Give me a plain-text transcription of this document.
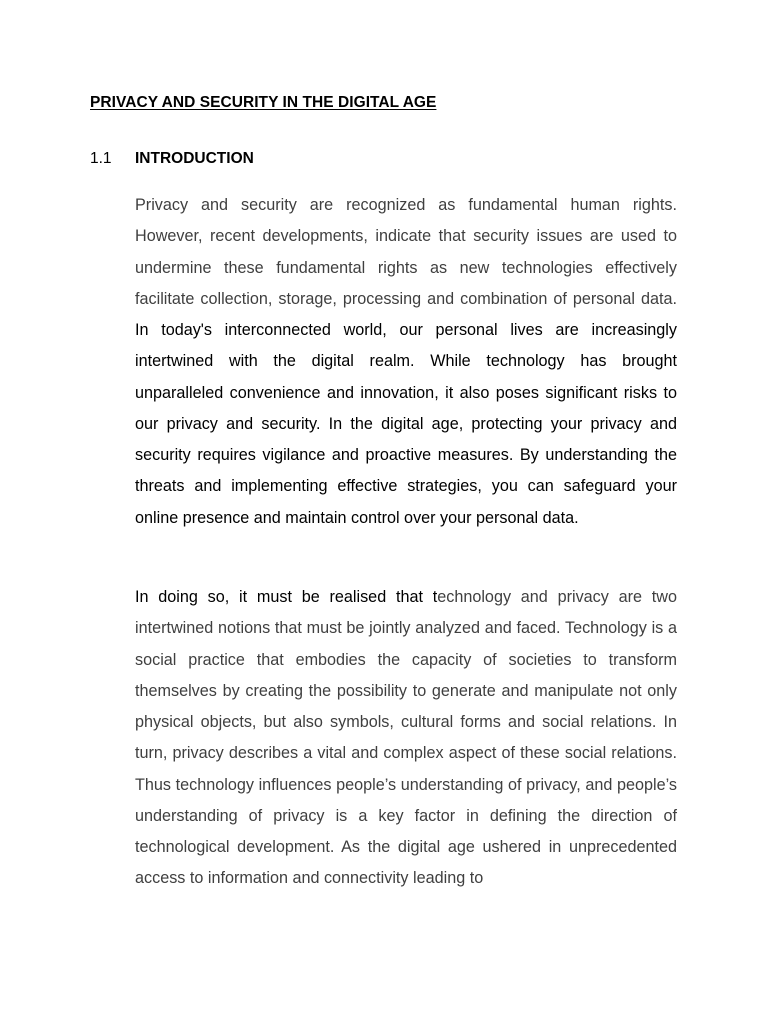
PRIVACY AND SECURITY IN THE DIGITAL AGE
1.1 INTRODUCTION

Privacy and security are recognized as fundamental human rights. However, recent developments, indicate that security issues are used to undermine these fundamental rights as new technologies effectively facilitate collection, storage, processing and combination of personal data. In today's interconnected world, our personal lives are increasingly intertwined with the digital realm. While technology has brought unparalleled convenience and innovation, it also poses significant risks to our privacy and security. In the digital age, protecting your privacy and security requires vigilance and proactive measures. By understanding the threats and implementing effective strategies, you can safeguard your online presence and maintain control over your personal data.

In doing so, it must be realised that technology and privacy are two intertwined notions that must be jointly analyzed and faced. Technology is a social practice that embodies the capacity of societies to transform themselves by creating the possibility to generate and manipulate not only physical objects, but also symbols, cultural forms and social relations. In turn, privacy describes a vital and complex aspect of these social relations. Thus technology influences people’s understanding of privacy, and people’s understanding of privacy is a key factor in defining the direction of technological development. As the digital age ushered in unprecedented access to information and connectivity leading to
